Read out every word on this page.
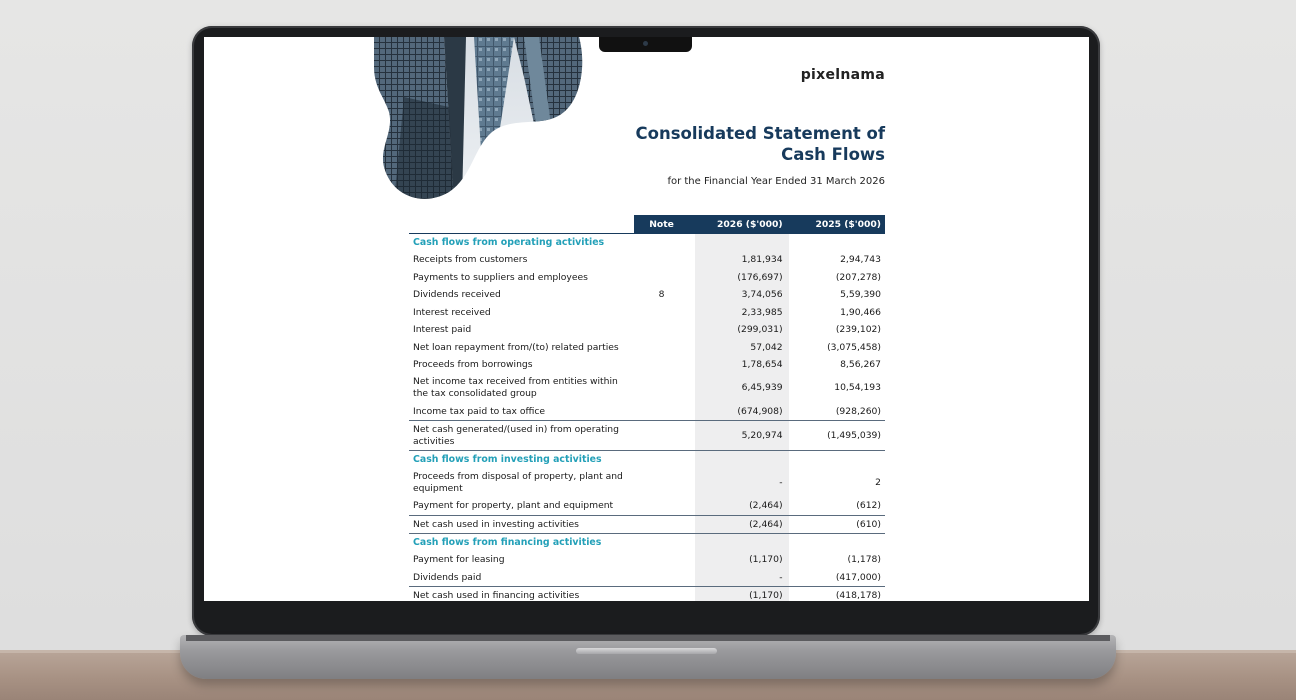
pixelnama
Consolidated Statement of Cash Flows
for the Financial Year Ended 31 March 2026
	Note	2026 ($'000)	2025 ($'000)
Cash flows from operating activities			
Receipts from customers		1,81,934	2,94,743
Payments to suppliers and employees		(176,697)	(207,278)
Dividends received	8	3,74,056	5,59,390
Interest received		2,33,985	1,90,466
Interest paid		(299,031)	(239,102)
Net loan repayment from/(to) related parties		57,042	(3,075,458)
Proceeds from borrowings		1,78,654	8,56,267
Net income tax received from entities within the tax consolidated group		6,45,939	10,54,193
Income tax paid to tax office		(674,908)	(928,260)
Net cash generated/(used in) from operating activities		5,20,974	(1,495,039)
Cash flows from investing activities			
Proceeds from disposal of property, plant and equipment		-	2
Payment for property, plant and equipment		(2,464)	(612)
Net cash used in investing activities		(2,464)	(610)
Cash flows from financing activities			
Payment for leasing		(1,170)	(1,178)
Dividends paid		-	(417,000)
Net cash used in financing activities		(1,170)	(418,178)
